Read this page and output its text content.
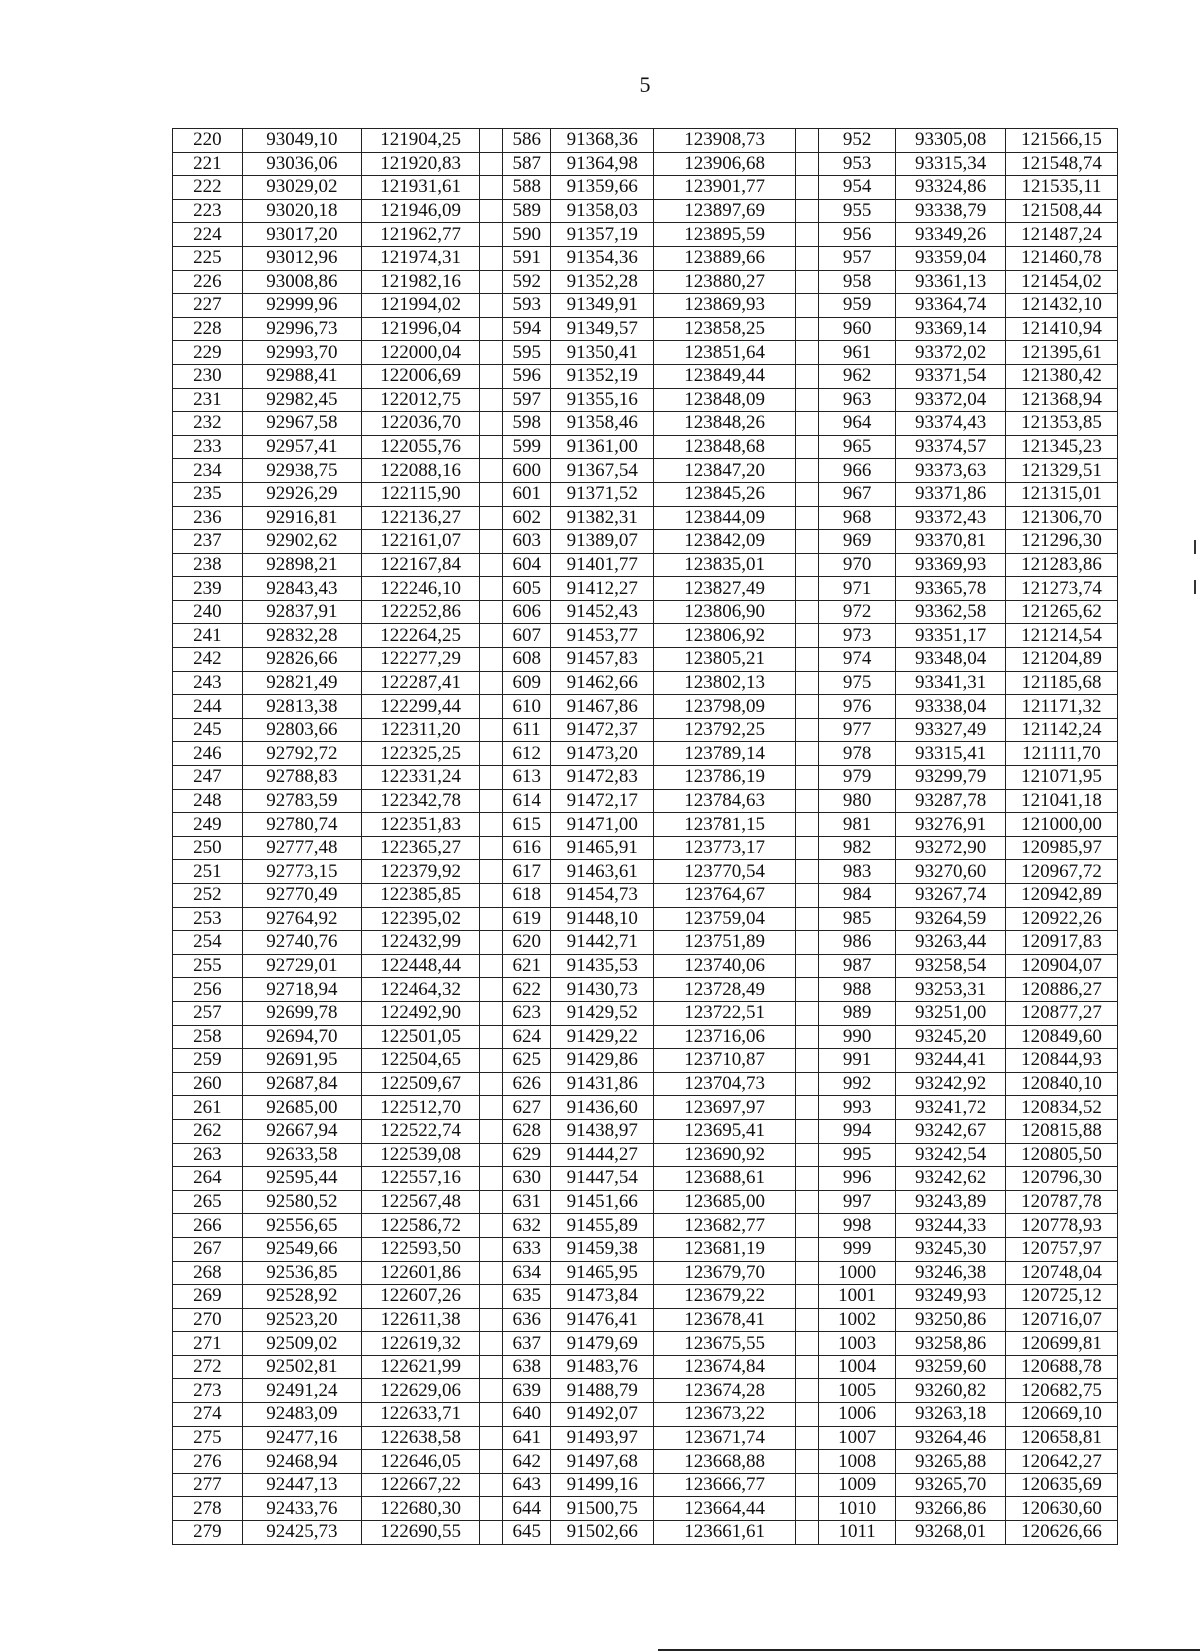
5
220	93049,10	121904,25		586	91368,36	123908,73		952	93305,08	121566,15
221	93036,06	121920,83		587	91364,98	123906,68		953	93315,34	121548,74
222	93029,02	121931,61		588	91359,66	123901,77		954	93324,86	121535,11
223	93020,18	121946,09		589	91358,03	123897,69		955	93338,79	121508,44
224	93017,20	121962,77		590	91357,19	123895,59		956	93349,26	121487,24
225	93012,96	121974,31		591	91354,36	123889,66		957	93359,04	121460,78
226	93008,86	121982,16		592	91352,28	123880,27		958	93361,13	121454,02
227	92999,96	121994,02		593	91349,91	123869,93		959	93364,74	121432,10
228	92996,73	121996,04		594	91349,57	123858,25		960	93369,14	121410,94
229	92993,70	122000,04		595	91350,41	123851,64		961	93372,02	121395,61
230	92988,41	122006,69		596	91352,19	123849,44		962	93371,54	121380,42
231	92982,45	122012,75		597	91355,16	123848,09		963	93372,04	121368,94
232	92967,58	122036,70		598	91358,46	123848,26		964	93374,43	121353,85
233	92957,41	122055,76		599	91361,00	123848,68		965	93374,57	121345,23
234	92938,75	122088,16		600	91367,54	123847,20		966	93373,63	121329,51
235	92926,29	122115,90		601	91371,52	123845,26		967	93371,86	121315,01
236	92916,81	122136,27		602	91382,31	123844,09		968	93372,43	121306,70
237	92902,62	122161,07		603	91389,07	123842,09		969	93370,81	121296,30
238	92898,21	122167,84		604	91401,77	123835,01		970	93369,93	121283,86
239	92843,43	122246,10		605	91412,27	123827,49		971	93365,78	121273,74
240	92837,91	122252,86		606	91452,43	123806,90		972	93362,58	121265,62
241	92832,28	122264,25		607	91453,77	123806,92		973	93351,17	121214,54
242	92826,66	122277,29		608	91457,83	123805,21		974	93348,04	121204,89
243	92821,49	122287,41		609	91462,66	123802,13		975	93341,31	121185,68
244	92813,38	122299,44		610	91467,86	123798,09		976	93338,04	121171,32
245	92803,66	122311,20		611	91472,37	123792,25		977	93327,49	121142,24
246	92792,72	122325,25		612	91473,20	123789,14		978	93315,41	121111,70
247	92788,83	122331,24		613	91472,83	123786,19		979	93299,79	121071,95
248	92783,59	122342,78		614	91472,17	123784,63		980	93287,78	121041,18
249	92780,74	122351,83		615	91471,00	123781,15		981	93276,91	121000,00
250	92777,48	122365,27		616	91465,91	123773,17		982	93272,90	120985,97
251	92773,15	122379,92		617	91463,61	123770,54		983	93270,60	120967,72
252	92770,49	122385,85		618	91454,73	123764,67		984	93267,74	120942,89
253	92764,92	122395,02		619	91448,10	123759,04		985	93264,59	120922,26
254	92740,76	122432,99		620	91442,71	123751,89		986	93263,44	120917,83
255	92729,01	122448,44		621	91435,53	123740,06		987	93258,54	120904,07
256	92718,94	122464,32		622	91430,73	123728,49		988	93253,31	120886,27
257	92699,78	122492,90		623	91429,52	123722,51		989	93251,00	120877,27
258	92694,70	122501,05		624	91429,22	123716,06		990	93245,20	120849,60
259	92691,95	122504,65		625	91429,86	123710,87		991	93244,41	120844,93
260	92687,84	122509,67		626	91431,86	123704,73		992	93242,92	120840,10
261	92685,00	122512,70		627	91436,60	123697,97		993	93241,72	120834,52
262	92667,94	122522,74		628	91438,97	123695,41		994	93242,67	120815,88
263	92633,58	122539,08		629	91444,27	123690,92		995	93242,54	120805,50
264	92595,44	122557,16		630	91447,54	123688,61		996	93242,62	120796,30
265	92580,52	122567,48		631	91451,66	123685,00		997	93243,89	120787,78
266	92556,65	122586,72		632	91455,89	123682,77		998	93244,33	120778,93
267	92549,66	122593,50		633	91459,38	123681,19		999	93245,30	120757,97
268	92536,85	122601,86		634	91465,95	123679,70		1000	93246,38	120748,04
269	92528,92	122607,26		635	91473,84	123679,22		1001	93249,93	120725,12
270	92523,20	122611,38		636	91476,41	123678,41		1002	93250,86	120716,07
271	92509,02	122619,32		637	91479,69	123675,55		1003	93258,86	120699,81
272	92502,81	122621,99		638	91483,76	123674,84		1004	93259,60	120688,78
273	92491,24	122629,06		639	91488,79	123674,28		1005	93260,82	120682,75
274	92483,09	122633,71		640	91492,07	123673,22		1006	93263,18	120669,10
275	92477,16	122638,58		641	91493,97	123671,74		1007	93264,46	120658,81
276	92468,94	122646,05		642	91497,68	123668,88		1008	93265,88	120642,27
277	92447,13	122667,22		643	91499,16	123666,77		1009	93265,70	120635,69
278	92433,76	122680,30		644	91500,75	123664,44		1010	93266,86	120630,60
279	92425,73	122690,55		645	91502,66	123661,61		1011	93268,01	120626,66
